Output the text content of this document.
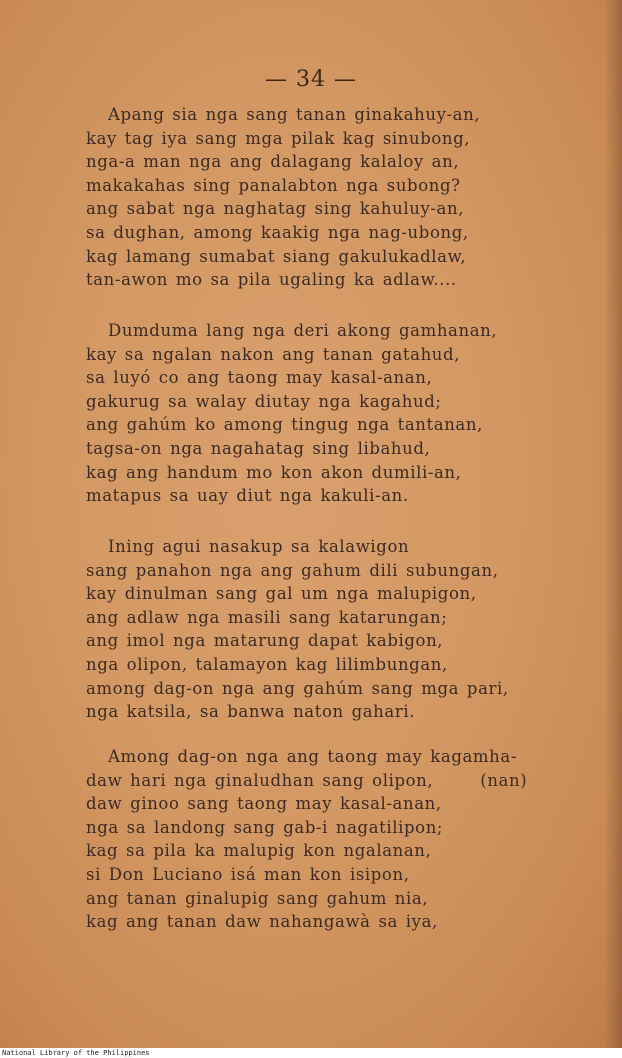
— 34 —
Apang sia nga sang tanan ginakahuy-an,
kay tag iya sang mga pilak kag sinubong,
nga-a man nga ang dalagang kalaloy an,
makakahas sing panalabton nga subong?
ang sabat nga naghatag sing kahuluy-an,
sa dughan, among kaakig nga nag-ubong,
kag lamang sumabat siang gakulukadlaw,
tan-awon mo sa pila ugaling ka adlaw....
Dumduma lang nga deri akong gamhanan,
kay sa ngalan nakon ang tanan gatahud,
sa luyó co ang taong may kasal-anan,
gakurug sa walay diutay nga kagahud;
ang gahúm ko among tingug nga tantanan,
tagsa-on nga nagahatag sing libahud,
kag ang handum mo kon akon dumili-an,
matapus sa uay diut nga kakuli-an.
Ining agui nasakup sa kalawigon
sang panahon nga ang gahum dili subungan,
kay dinulman sang gal um nga malupigon,
ang adlaw nga masili sang katarungan;
ang imol nga matarung dapat kabigon,
nga olipon, talamayon kag lilimbungan,
among dag-on nga ang gahúm sang mga pari,
nga katsila, sa banwa naton gahari.
Among dag-on nga ang taong may kagamha-
daw hari nga ginaludhan sang olipon,      (nan)
daw ginoo sang taong may kasal-anan,
nga sa landong sang gab-i nagatilipon;
kag sa pila ka malupig kon ngalanan,
si Don Luciano isá man kon isipon,
ang tanan ginalupig sang gahum nia,
kag ang tanan daw nahangawà sa iya,
National Library of the Philippines
